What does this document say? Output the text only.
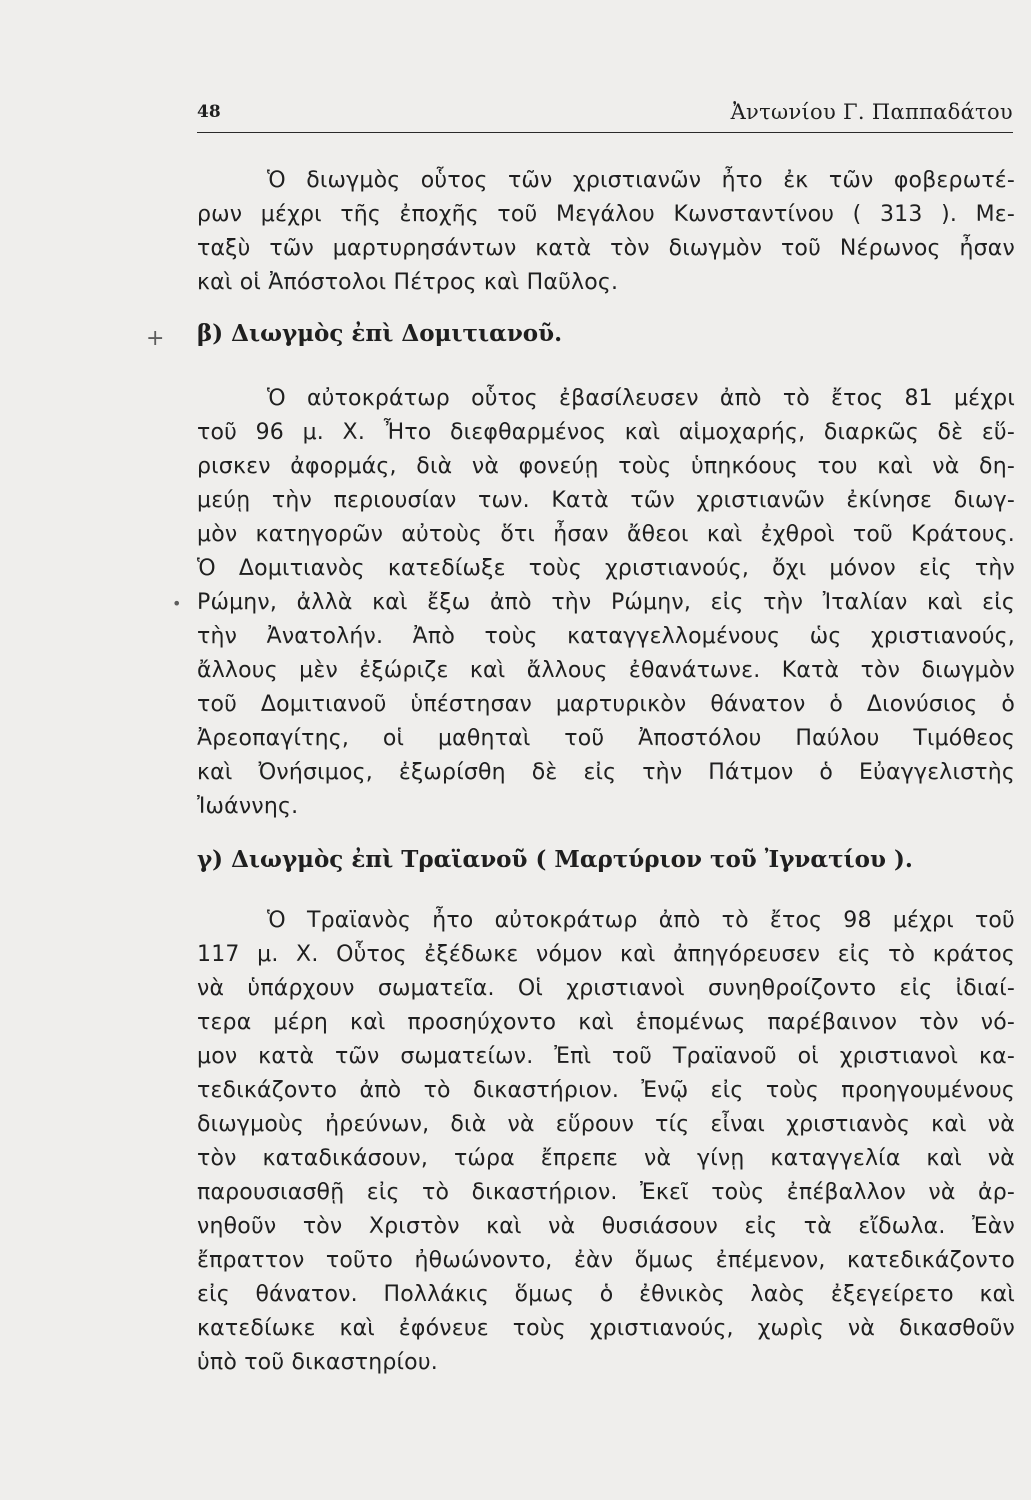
48	Ἀντωνίου Γ. Παππαδάτου
+
•
Ὁ διωγμὸς οὗτος τῶν χριστιανῶν ἦτο ἐκ τῶν φοβερωτέ-
ρων μέχρι τῆς ἐποχῆς τοῦ Μεγάλου Κωνσταντίνου ( 313 ). Με-
ταξὺ τῶν μαρτυρησάντων κατὰ τὸν διωγμὸν τοῦ Νέρωνος ἦσαν
καὶ οἱ Ἀπόστολοι Πέτρος καὶ Παῦλος.
β) Διωγμὸς ἐπὶ Δομιτιανοῦ.
Ὁ αὐτοκράτωρ οὗτος ἐβασίλευσεν ἀπὸ τὸ ἔτος 81 μέχρι
τοῦ 96 μ. Χ. Ἦτο διεφθαρμένος καὶ αἱμοχαρής, διαρκῶς δὲ εὕ-
ρισκεν ἀφορμάς, διὰ νὰ φονεύῃ τοὺς ὑπηκόους του καὶ νὰ δη-
μεύῃ τὴν περιουσίαν των. Κατὰ τῶν χριστιανῶν ἐκίνησε διωγ-
μὸν κατηγορῶν αὐτοὺς ὅτι ἦσαν ἄθεοι καὶ ἐχθροὶ τοῦ Κράτους.
Ὁ Δομιτιανὸς κατεδίωξε τοὺς χριστιανούς, ὄχι μόνον εἰς τὴν
Ρώμην, ἀλλὰ καὶ ἔξω ἀπὸ τὴν Ρώμην, εἰς τὴν Ἰταλίαν καὶ εἰς
τὴν Ἀνατολήν. Ἀπὸ τοὺς καταγγελλομένους ὡς χριστιανούς,
ἄλλους μὲν ἐξώριζε καὶ ἄλλους ἐθανάτωνε. Κατὰ τὸν διωγμὸν
τοῦ Δομιτιανοῦ ὑπέστησαν μαρτυρικὸν θάνατον ὁ Διονύσιος ὁ
Ἀρεοπαγίτης, οἱ μαθηταὶ τοῦ Ἀποστόλου Παύλου Τιμόθεος
καὶ Ὀνήσιμος, ἐξωρίσθη δὲ εἰς τὴν Πάτμον ὁ Εὐαγγελιστὴς
Ἰωάννης.
γ) Διωγμὸς ἐπὶ Τραϊανοῦ ( Μαρτύριον τοῦ Ἰγνατίου ).
Ὁ Τραϊανὸς ἦτο αὐτοκράτωρ ἀπὸ τὸ ἔτος 98 μέχρι τοῦ
117 μ. Χ. Οὗτος ἐξέδωκε νόμον καὶ ἀπηγόρευσεν εἰς τὸ κράτος
νὰ ὑπάρχουν σωματεῖα. Οἱ χριστιανοὶ συνηθροίζοντο εἰς ἰδιαί-
τερα μέρη καὶ προσηύχοντο καὶ ἑπομένως παρέβαινον τὸν νό-
μον κατὰ τῶν σωματείων. Ἐπὶ τοῦ Τραϊανοῦ οἱ χριστιανοὶ κα-
τεδικάζοντο ἀπὸ τὸ δικαστήριον. Ἐνῷ εἰς τοὺς προηγουμένους
διωγμοὺς ἠρεύνων, διὰ νὰ εὕρουν τίς εἶναι χριστιανὸς καὶ νὰ
τὸν καταδικάσουν, τώρα ἔπρεπε νὰ γίνῃ καταγγελία καὶ νὰ
παρουσιασθῇ εἰς τὸ δικαστήριον. Ἐκεῖ τοὺς ἐπέβαλλον νὰ ἀρ-
νηθοῦν τὸν Χριστὸν καὶ νὰ θυσιάσουν εἰς τὰ εἴδωλα. Ἐὰν
ἔπραττον τοῦτο ἠθωώνοντο, ἐὰν ὅμως ἐπέμενον, κατεδικάζοντο
εἰς θάνατον. Πολλάκις ὅμως ὁ ἐθνικὸς λαὸς ἐξεγείρετο καὶ
κατεδίωκε καὶ ἐφόνευε τοὺς χριστιανούς, χωρὶς νὰ δικασθοῦν
ὑπὸ τοῦ δικαστηρίου.
